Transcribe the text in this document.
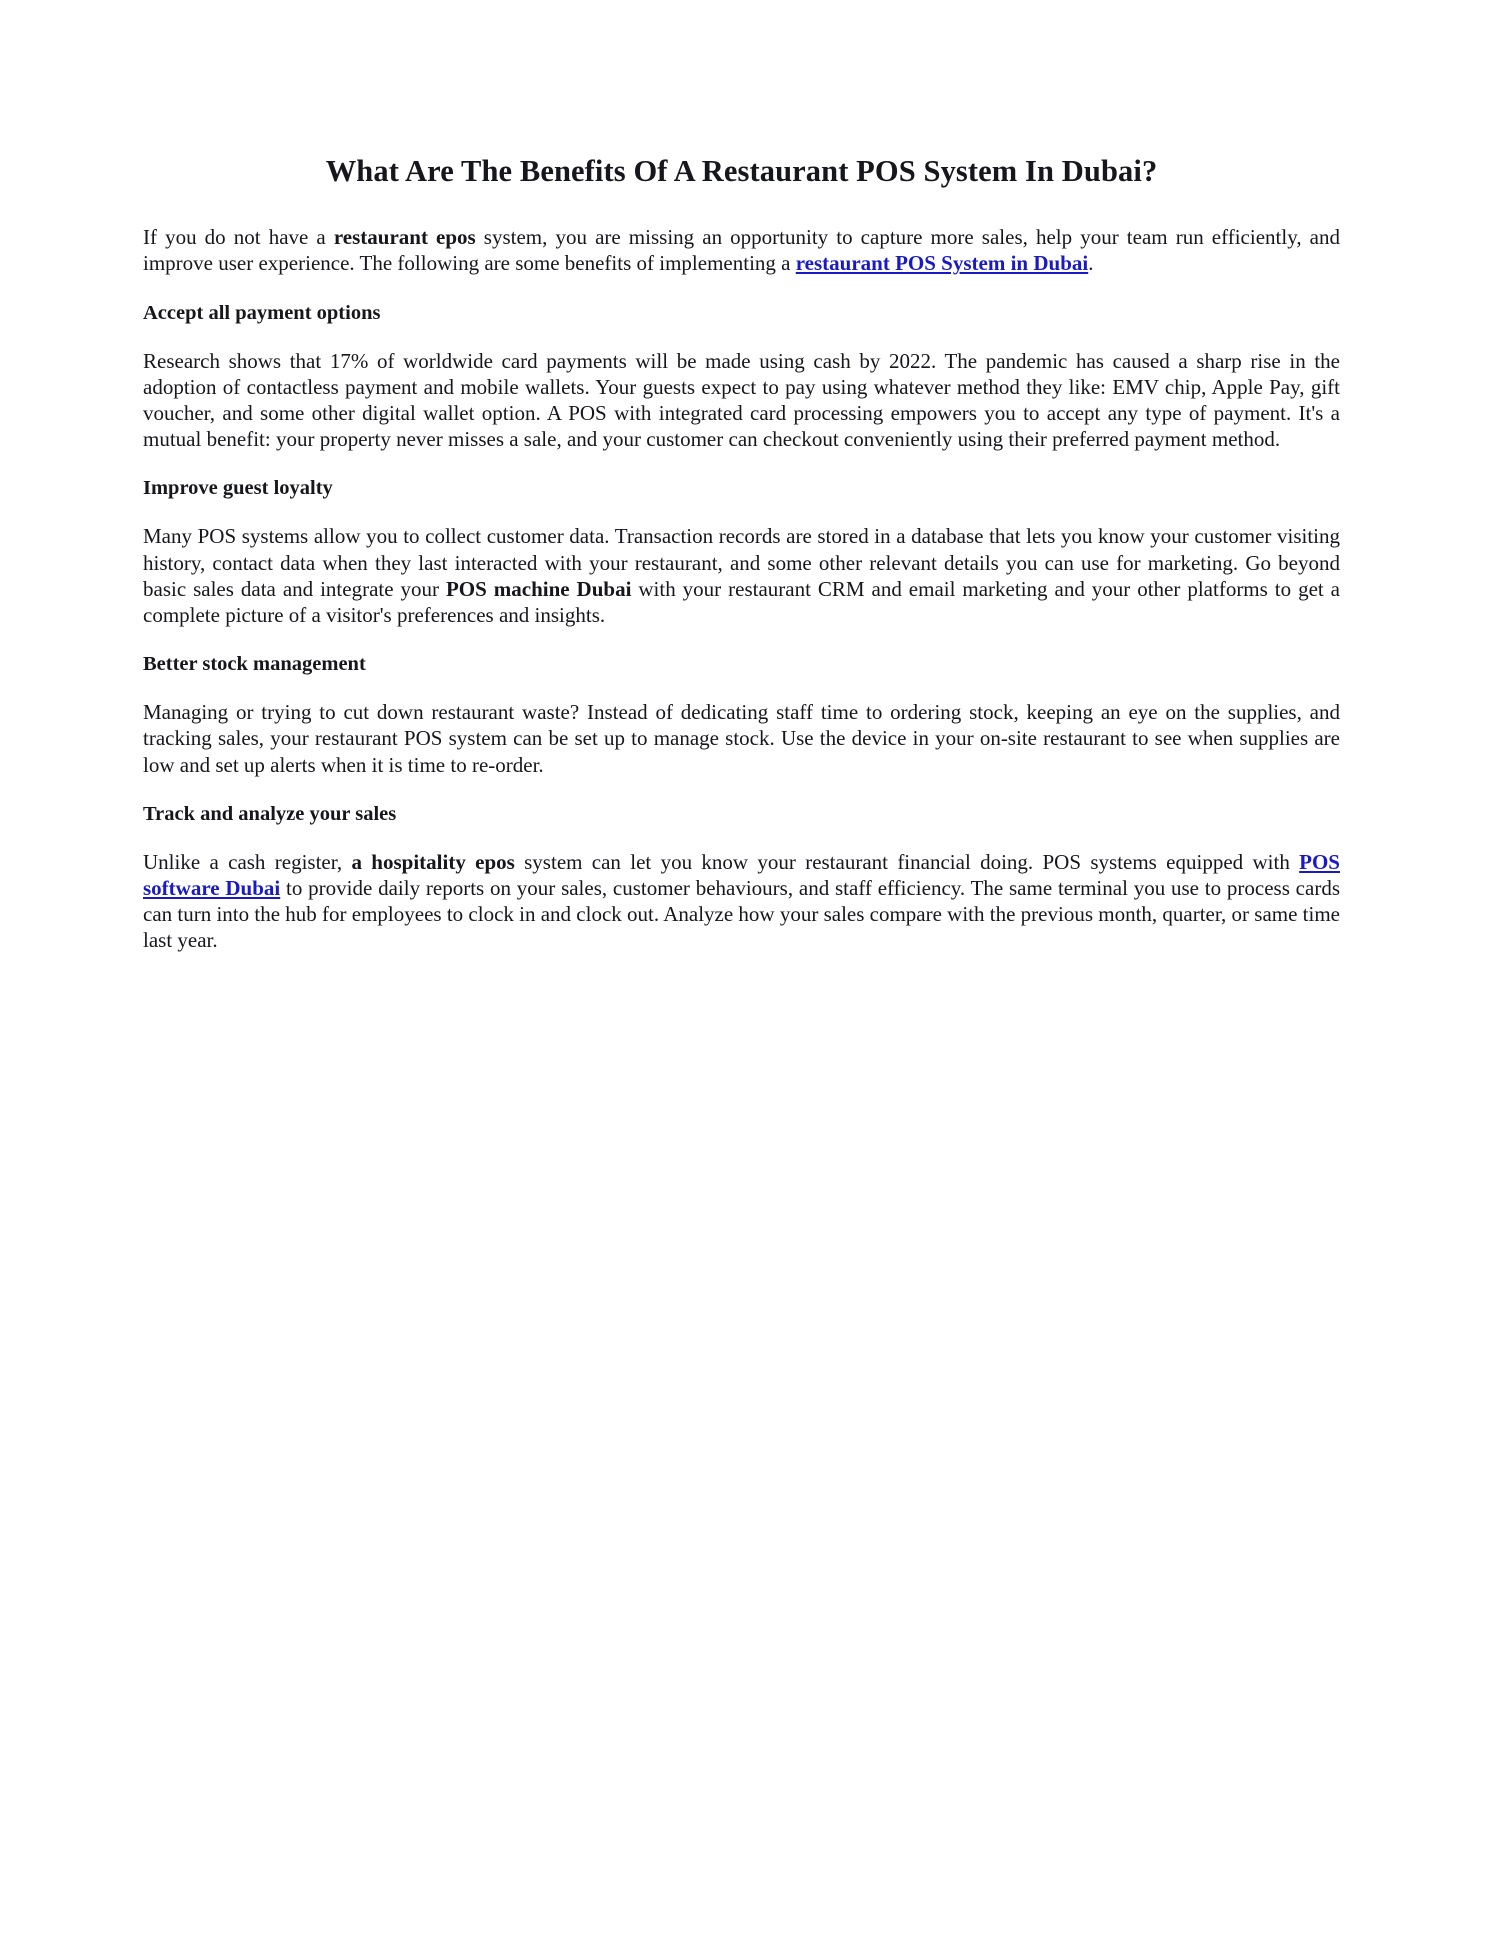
What Are The Benefits Of A Restaurant POS System In Dubai?

If you do not have a restaurant epos system, you are missing an opportunity to capture more sales, help your team run efficiently, and improve user experience. The following are some benefits of implementing a restaurant POS System in Dubai.

Accept all payment options

Research shows that 17% of worldwide card payments will be made using cash by 2022. The pandemic has caused a sharp rise in the adoption of contactless payment and mobile wallets. Your guests expect to pay using whatever method they like: EMV chip, Apple Pay, gift voucher, and some other digital wallet option. A POS with integrated card processing empowers you to accept any type of payment. It's a mutual benefit: your property never misses a sale, and your customer can checkout conveniently using their preferred payment method.

Improve guest loyalty

Many POS systems allow you to collect customer data. Transaction records are stored in a database that lets you know your customer visiting history, contact data when they last interacted with your restaurant, and some other relevant details you can use for marketing. Go beyond basic sales data and integrate your POS machine Dubai with your restaurant CRM and email marketing and your other platforms to get a complete picture of a visitor's preferences and insights.

Better stock management

Managing or trying to cut down restaurant waste? Instead of dedicating staff time to ordering stock, keeping an eye on the supplies, and tracking sales, your restaurant POS system can be set up to manage stock. Use the device in your on-site restaurant to see when supplies are low and set up alerts when it is time to re-order.

Track and analyze your sales

Unlike a cash register, a hospitality epos system can let you know your restaurant financial doing. POS systems equipped with POS software Dubai to provide daily reports on your sales, customer behaviours, and staff efficiency. The same terminal you use to process cards can turn into the hub for employees to clock in and clock out. Analyze how your sales compare with the previous month, quarter, or same time last year.
